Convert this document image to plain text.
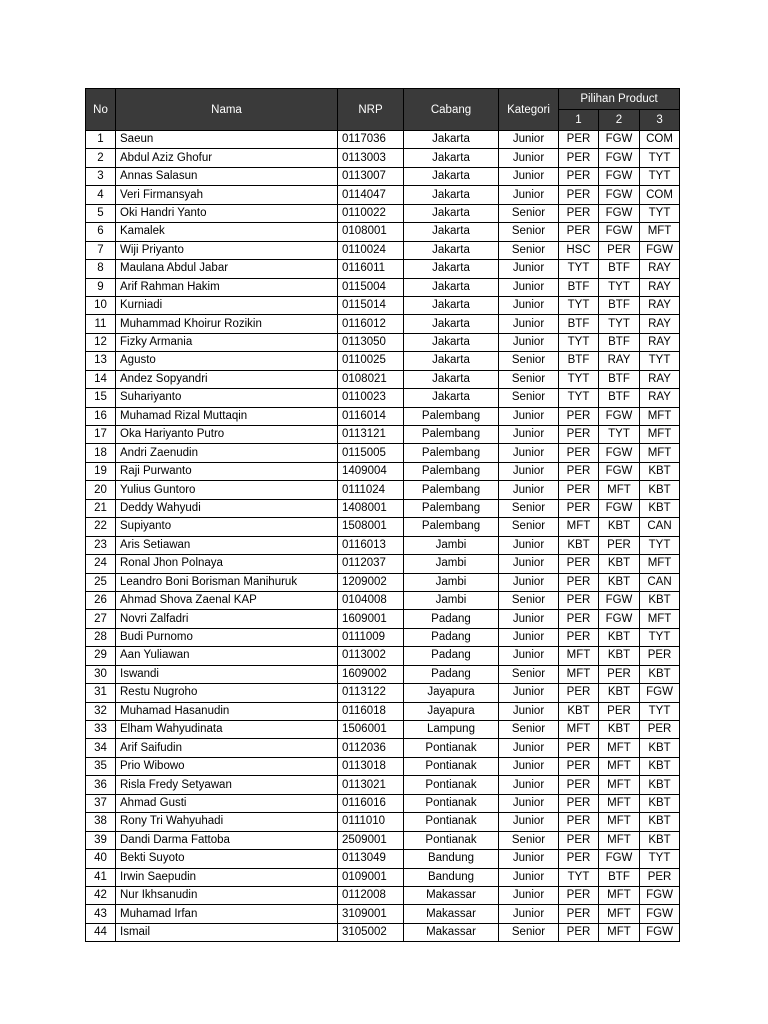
No	Nama	NRP	Cabang	Kategori	Pilihan Product		
					1	2	3
1	Saeun	0117036	Jakarta	Junior	PER	FGW	COM
2	Abdul Aziz Ghofur	0113003	Jakarta	Junior	PER	FGW	TYT
3	Annas Salasun	0113007	Jakarta	Junior	PER	FGW	TYT
4	Veri Firmansyah	0114047	Jakarta	Junior	PER	FGW	COM
5	Oki Handri Yanto	0110022	Jakarta	Senior	PER	FGW	TYT
6	Kamalek	0108001	Jakarta	Senior	PER	FGW	MFT
7	Wiji Priyanto	0110024	Jakarta	Senior	HSC	PER	FGW
8	Maulana Abdul Jabar	0116011	Jakarta	Junior	TYT	BTF	RAY
9	Arif Rahman Hakim	0115004	Jakarta	Junior	BTF	TYT	RAY
10	Kurniadi	0115014	Jakarta	Junior	TYT	BTF	RAY
11	Muhammad Khoirur Rozikin	0116012	Jakarta	Junior	BTF	TYT	RAY
12	Fizky Armania	0113050	Jakarta	Junior	TYT	BTF	RAY
13	Agusto	0110025	Jakarta	Senior	BTF	RAY	TYT
14	Andez Sopyandri	0108021	Jakarta	Senior	TYT	BTF	RAY
15	Suhariyanto	0110023	Jakarta	Senior	TYT	BTF	RAY
16	Muhamad Rizal Muttaqin	0116014	Palembang	Junior	PER	FGW	MFT
17	Oka Hariyanto Putro	0113121	Palembang	Junior	PER	TYT	MFT
18	Andri Zaenudin	0115005	Palembang	Junior	PER	FGW	MFT
19	Raji Purwanto	1409004	Palembang	Junior	PER	FGW	KBT
20	Yulius Guntoro	0111024	Palembang	Junior	PER	MFT	KBT
21	Deddy Wahyudi	1408001	Palembang	Senior	PER	FGW	KBT
22	Supiyanto	1508001	Palembang	Senior	MFT	KBT	CAN
23	Aris Setiawan	0116013	Jambi	Junior	KBT	PER	TYT
24	Ronal Jhon Polnaya	0112037	Jambi	Junior	PER	KBT	MFT
25	Leandro Boni Borisman Manihuruk	1209002	Jambi	Junior	PER	KBT	CAN
26	Ahmad Shova Zaenal KAP	0104008	Jambi	Senior	PER	FGW	KBT
27	Novri Zalfadri	1609001	Padang	Junior	PER	FGW	MFT
28	Budi Purnomo	0111009	Padang	Junior	PER	KBT	TYT
29	Aan Yuliawan	0113002	Padang	Junior	MFT	KBT	PER
30	Iswandi	1609002	Padang	Senior	MFT	PER	KBT
31	Restu Nugroho	0113122	Jayapura	Junior	PER	KBT	FGW
32	Muhamad Hasanudin	0116018	Jayapura	Junior	KBT	PER	TYT
33	Elham Wahyudinata	1506001	Lampung	Senior	MFT	KBT	PER
34	Arif Saifudin	0112036	Pontianak	Junior	PER	MFT	KBT
35	Prio Wibowo	0113018	Pontianak	Junior	PER	MFT	KBT
36	Risla Fredy Setyawan	0113021	Pontianak	Junior	PER	MFT	KBT
37	Ahmad Gusti	0116016	Pontianak	Junior	PER	MFT	KBT
38	Rony Tri Wahyuhadi	0111010	Pontianak	Junior	PER	MFT	KBT
39	Dandi Darma Fattoba	2509001	Pontianak	Senior	PER	MFT	KBT
40	Bekti Suyoto	0113049	Bandung	Junior	PER	FGW	TYT
41	Irwin Saepudin	0109001	Bandung	Junior	TYT	BTF	PER
42	Nur Ikhsanudin	0112008	Makassar	Junior	PER	MFT	FGW
43	Muhamad Irfan	3109001	Makassar	Junior	PER	MFT	FGW
44	Ismail	3105002	Makassar	Senior	PER	MFT	FGW
